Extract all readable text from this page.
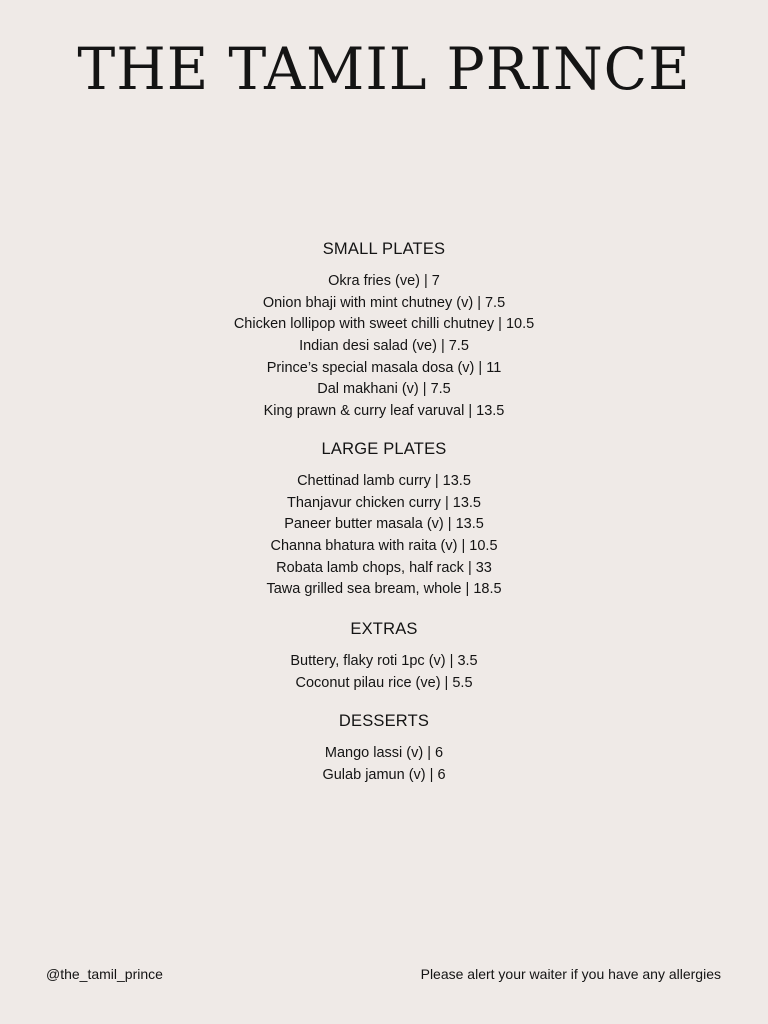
THE TAMIL PRINCE
SMALL PLATES
Okra fries (ve) | 7
Onion bhaji with mint chutney (v) | 7.5
Chicken lollipop with sweet chilli chutney | 10.5
Indian desi salad (ve) | 7.5
Prince’s special masala dosa (v) | 11
Dal makhani (v) | 7.5
King prawn & curry leaf varuval | 13.5
LARGE PLATES
Chettinad lamb curry | 13.5
Thanjavur chicken curry | 13.5
Paneer butter masala (v) | 13.5
Channa bhatura with raita (v) | 10.5
Robata lamb chops, half rack | 33
Tawa grilled sea bream, whole | 18.5
EXTRAS
Buttery, flaky roti 1pc (v) | 3.5
Coconut pilau rice (ve) | 5.5
DESSERTS
Mango lassi (v) | 6
Gulab jamun (v) | 6
@the_tamil_prince	Please alert your waiter if you have any allergies
